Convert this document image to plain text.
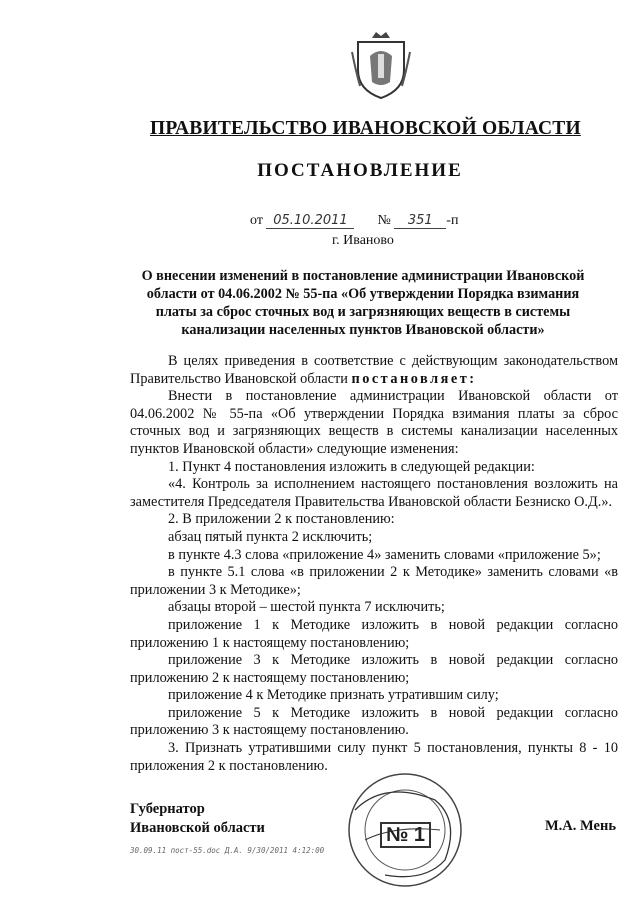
ПРАВИТЕЛЬСТВО ИВАНОВСКОЙ ОБЛАСТИ
ПОСТАНОВЛЕНИЕ
от 05.10.2011 № 351 -п
г. Иваново
О внесении изменений в постановление администрации Ивановской области от 04.06.2002 № 55-па «Об утверждении Порядка взимания платы за сброс сточных вод и загрязняющих веществ в системы канализации населенных пунктов Ивановской области»

В целях приведения в соответствие с действующим законодательством Правительство Ивановской области постановляет:

Внести в постановление администрации Ивановской области от 04.06.2002 № 55-па «Об утверждении Порядка взимания платы за сброс сточных вод и загрязняющих веществ в системы канализации населенных пунктов Ивановской области» следующие изменения:

1. Пункт 4 постановления изложить в следующей редакции:

«4. Контроль за исполнением настоящего постановления возложить на заместителя Председателя Правительства Ивановской области Безниско О.Д.».

2. В приложении 2 к постановлению:

абзац пятый пункта 2 исключить;

в пункте 4.3 слова «приложение 4» заменить словами «приложение 5»;

в пункте 5.1 слова «в приложении 2 к Методике» заменить словами «в приложении 3 к Методике»;

абзацы второй – шестой пункта 7 исключить;

приложение 1 к Методике изложить в новой редакции согласно приложению 1 к настоящему постановлению;

приложение 3 к Методике изложить в новой редакции согласно приложению 2 к настоящему постановлению;

приложение 4 к Методике признать утратившим силу;

приложение 5 к Методике изложить в новой редакции согласно приложению 3 к настоящему постановлению.

3. Признать утратившими силу пункт 5 постановления, пункты 8 - 10 приложения 2 к постановлению.

Губернатор
Ивановской области	М.А. Мень
30.09.11 пост-55.doc Д.А. 9/30/2011 4:12:00
№ 1
